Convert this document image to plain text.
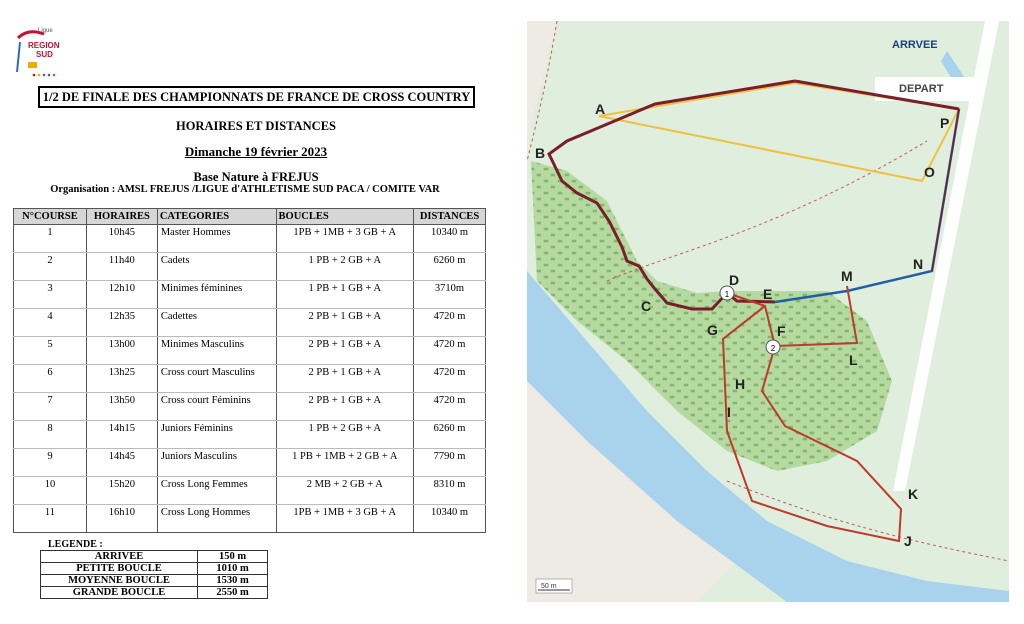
Ligue
REGION
SUD
1/2 DE FINALE DES CHAMPIONNATS DE FRANCE DE CROSS COUNTRY
HORAIRES ET DISTANCES
Dimanche 19 février 2023
Base Nature à FREJUS
Organisation : AMSL FREJUS /LIGUE d'ATHLETISME SUD PACA / COMITE VAR
N°COURSE	HORAIRES	CATEGORIES	BOUCLES	DISTANCES
1	10h45	Master Hommes	1PB + 1MB + 3 GB + A	10340 m
2	11h40	Cadets	1 PB + 2 GB + A	6260 m
3	12h10	Minimes féminines	1 PB + 1 GB + A	3710m
4	12h35	Cadettes	2 PB + 1 GB + A	4720 m
5	13h00	Minimes Masculins	2 PB + 1 GB + A	4720 m
6	13h25	Cross court Masculins	2 PB + 1 GB + A	4720 m
7	13h50	Cross court Féminins	2 PB + 1 GB + A	4720 m
8	14h15	Juniors Féminins	1 PB + 2 GB + A	6260 m
9	14h45	Juniors Masculins	1 PB + 1MB + 2 GB + A	7790 m
10	15h20	Cross Long Femmes	2 MB + 2 GB + A	8310 m
11	16h10	Cross Long Hommes	1PB + 1MB + 3 GB + A	10340 m
LEGENDE :
ARRIVEE	150 m
PETITE BOUCLE	1010 m
MOYENNE BOUCLE	1530 m
GRANDE BOUCLE	2550 m
1
2
ARRVEE
DEPART
A
B
C
D
E
F
G
H
I
J
K
L
M
N
O
P
50 m
